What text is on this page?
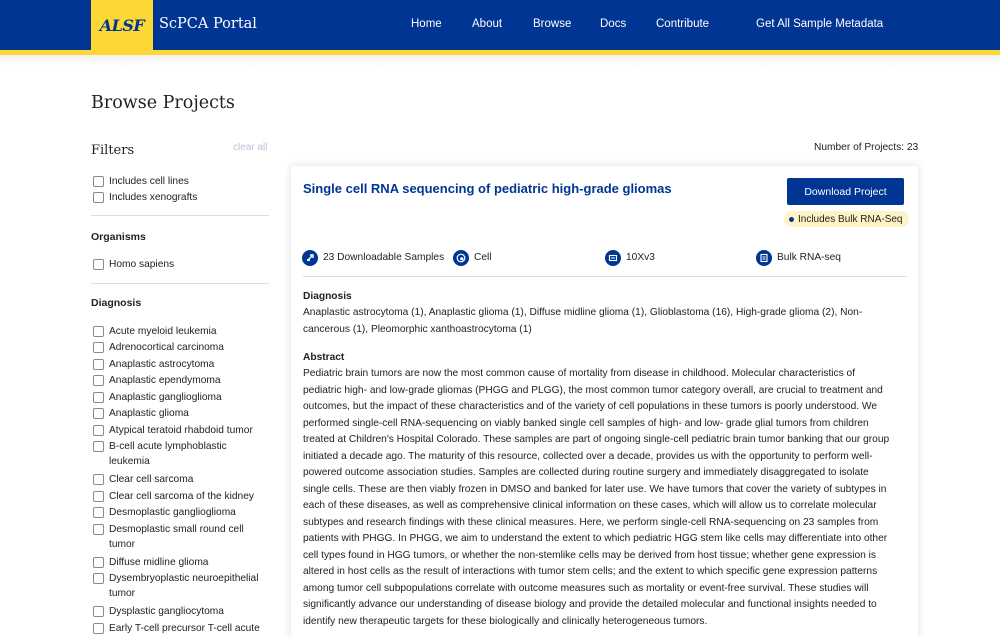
ALSF ScPCA Portal	Home	About	Browse Docs	Contribute	Get All Sample Metadata
Browse Projects
Filters	clear all
Includes cell lines
Includes xenografts
Organisms
Homo sapiens
Diagnosis
Acute myeloid leukemia
Adrenocortical carcinoma
Anaplastic astrocytoma
Anaplastic ependymoma
Anaplastic ganglioglioma
Anaplastic glioma
Atypical teratoid rhabdoid tumor
B-cell acute lymphoblastic
leukemia
Clear cell sarcoma
Clear cell sarcoma of the kidney
Desmoplastic ganglioglioma
Desmoplastic small round cell
tumor
Diffuse midline glioma
Dysembryoplastic neuroepithelial
tumor
Dysplastic gangliocytoma
Early T-cell precursor T-cell acute
Number of Projects: 23
Single cell RNA sequencing of pediatric high-grade gliomas	Download Project
Includes Bulk RNA-Seq
23 Downloadable Samples	Cell	10Xv3	Bulk RNA-seq
Diagnosis
Anaplastic astrocytoma (1), Anaplastic glioma (1), Diffuse midline glioma (1), Glioblastoma (16), High-grade glioma (2), Non-
cancerous (1), Pleomorphic xanthoastrocytoma (1)
Abstract
Pediatric brain tumors are now the most common cause of mortality from disease in childhood. Molecular characteristics of
pediatric high- and low-grade gliomas (PHGG and PLGG), the most common tumor category overall, are crucial to treatment and
outcomes, but the impact of these characteristics and of the variety of cell populations in these tumors is poorly understood. We
performed single-cell RNA-sequencing on viably banked single cell samples of high- and low- grade glial tumors from children
treated at Children's Hospital Colorado. These samples are part of ongoing single-cell pediatric brain tumor banking that our group
initiated a decade ago. The maturity of this resource, collected over a decade, provides us with the opportunity to perform well-
powered outcome association studies. Samples are collected during routine surgery and immediately disaggregated to isolate
single cells. These are then viably frozen in DMSO and banked for later use. We have tumors that cover the variety of subtypes in
each of these diseases, as well as comprehensive clinical information on these cases, which will allow us to correlate molecular
subtypes and research findings with these clinical measures. Here, we perform single-cell RNA-sequencing on 23 samples from
patients with PHGG. In PHGG, we aim to understand the extent to which pediatric HGG stem like cells may differentiate into other
cell types found in HGG tumors, or whether the non-stemlike cells may be derived from host tissue; whether gene expression is
altered in host cells as the result of interactions with tumor stem cells; and the extent to which specific gene expression patterns
among tumor cell subpopulations correlate with outcome measures such as mortality or event-free survival. These studies will
significantly advance our understanding of disease biology and provide the detailed molecular and functional insights needed to
identify new therapeutic targets for these biologically and clinically heterogeneous tumors.
